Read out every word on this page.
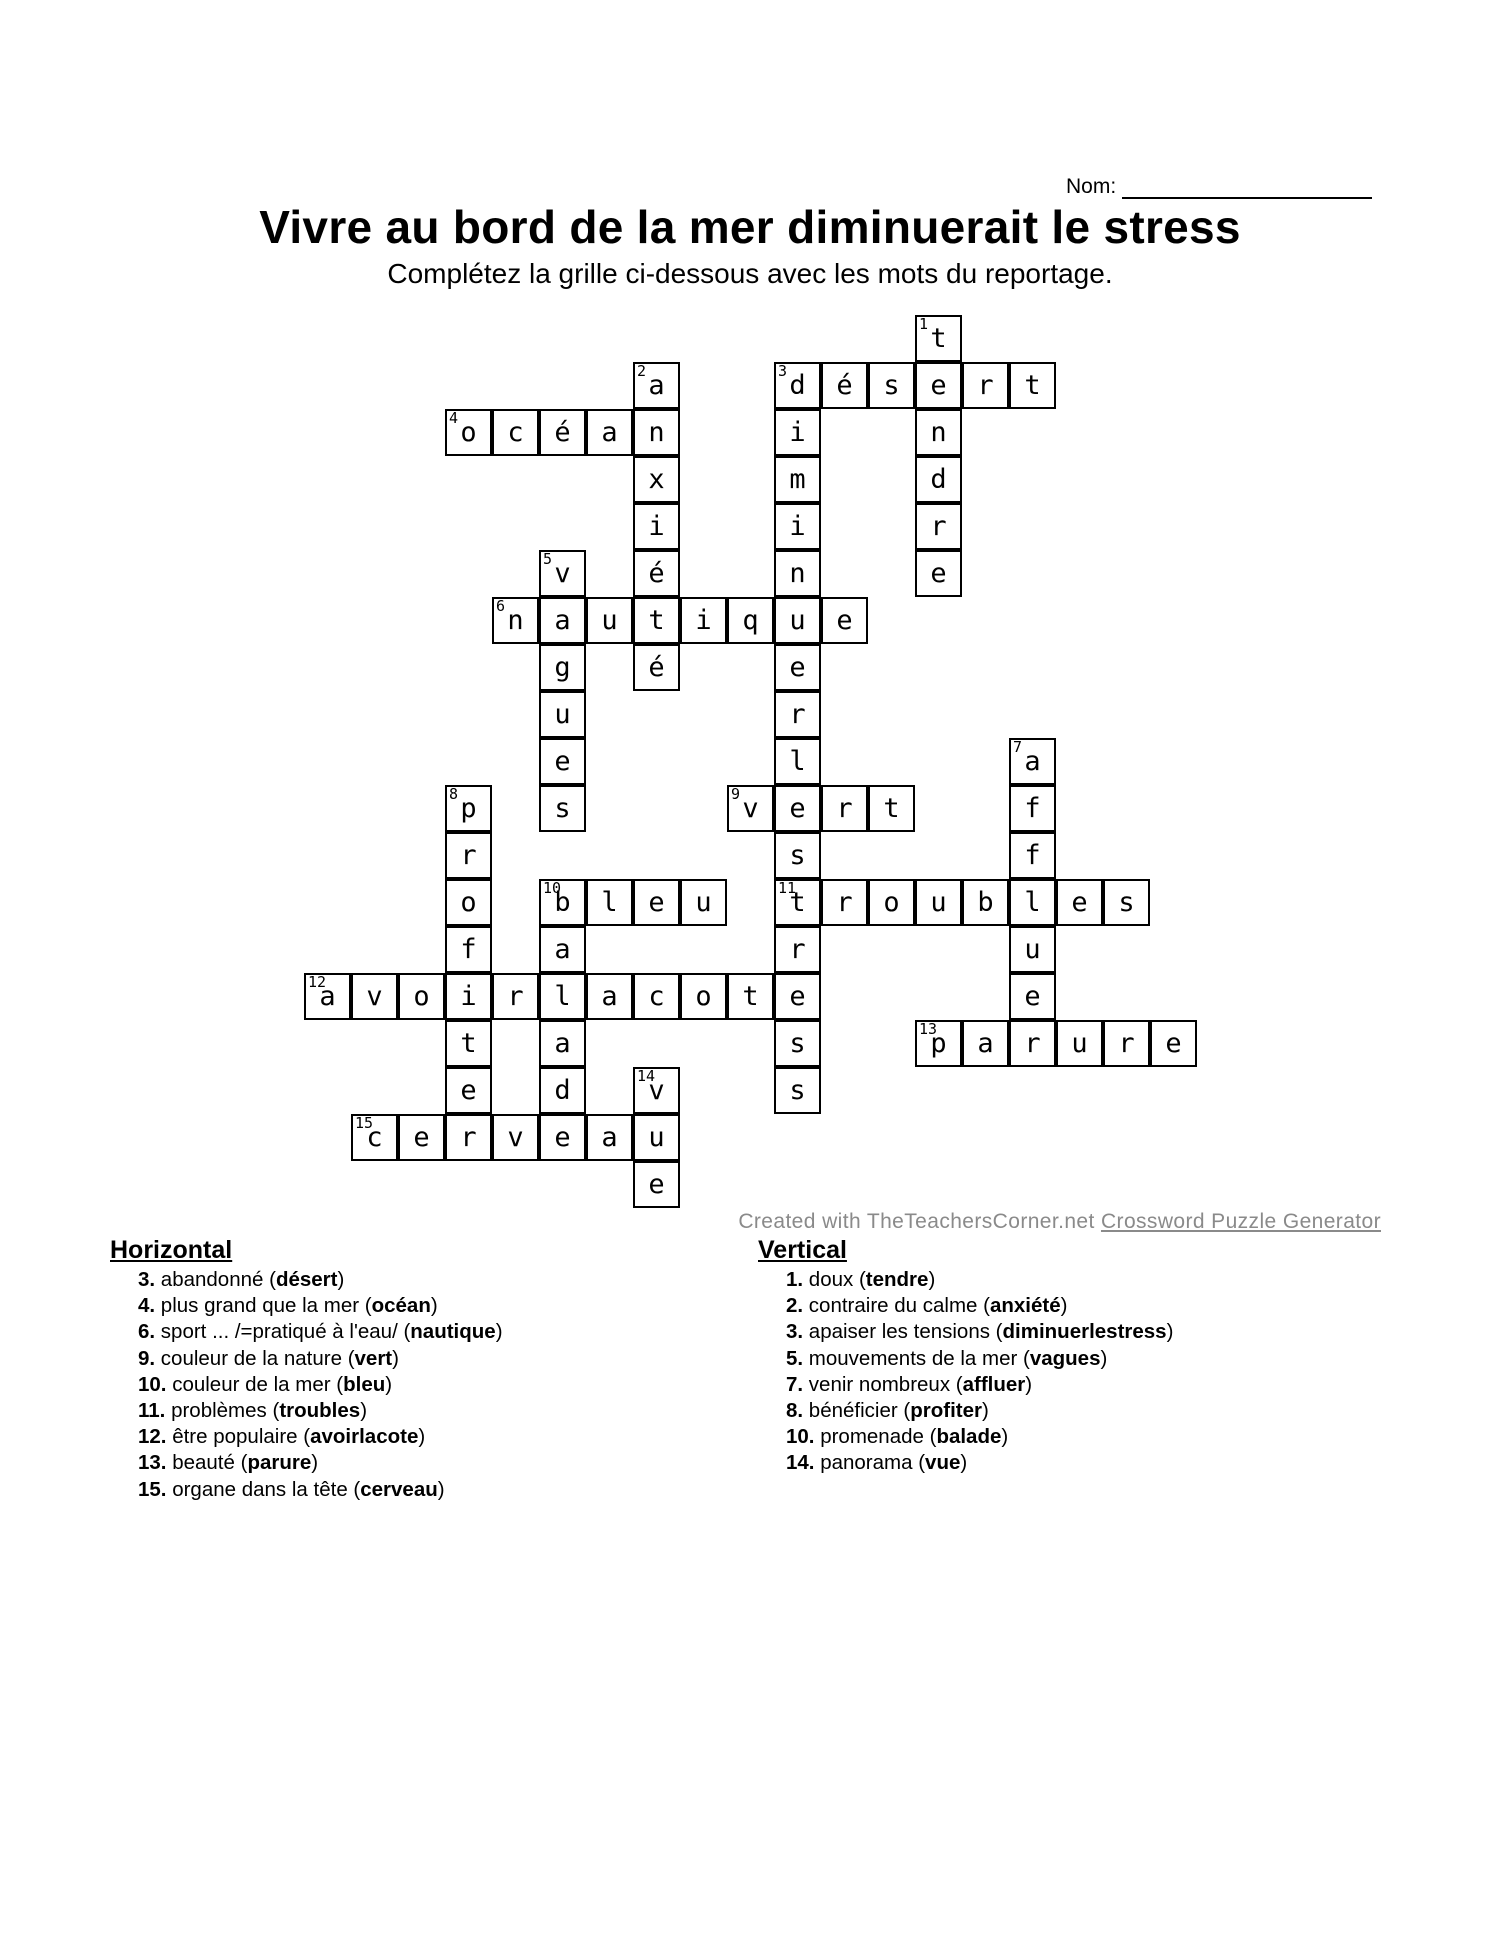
Nom:
Vivre au bord de la mer diminuerait le stress
Complétez la grille ci-dessous avec les mots du reportage.
t
1
e
n
d
r
e
a
2
n
x
i
é
t
é
d
3 é s	r t
i
m
i
n
u
e
r
l
e
s
t
11
r
e
s
s
o
4 c é a
v
5
a
g
u
e
s
n
6	u	i q	e
a
7
f
f
l
u
e
r
p
8
r
o
f
i
t
e
r
v
9	r t
b
10 l e u
a
l
a
d
e
r o u b	e s
a
12 v o	r	a c o t
p
13 a	u r e
v
14
u
e
c
15 e	v	a
Created with TheTeachersCorner.net Crossword Puzzle Generator
Horizontal
3. abandonné (désert)
4. plus grand que la mer (océan)
6. sport ... /=pratiqué à l'eau/ (nautique)
9. couleur de la nature (vert)
10. couleur de la mer (bleu)
11. problèmes (troubles)
12. être populaire (avoirlacote)
13. beauté (parure)
15. organe dans la tête (cerveau)
Vertical
1. doux (tendre)
2. contraire du calme (anxiété)
3. apaiser les tensions (diminuerlestress)
5. mouvements de la mer (vagues)
7. venir nombreux (affluer)
8. bénéficier (profiter)
10. promenade (balade)
14. panorama (vue)
